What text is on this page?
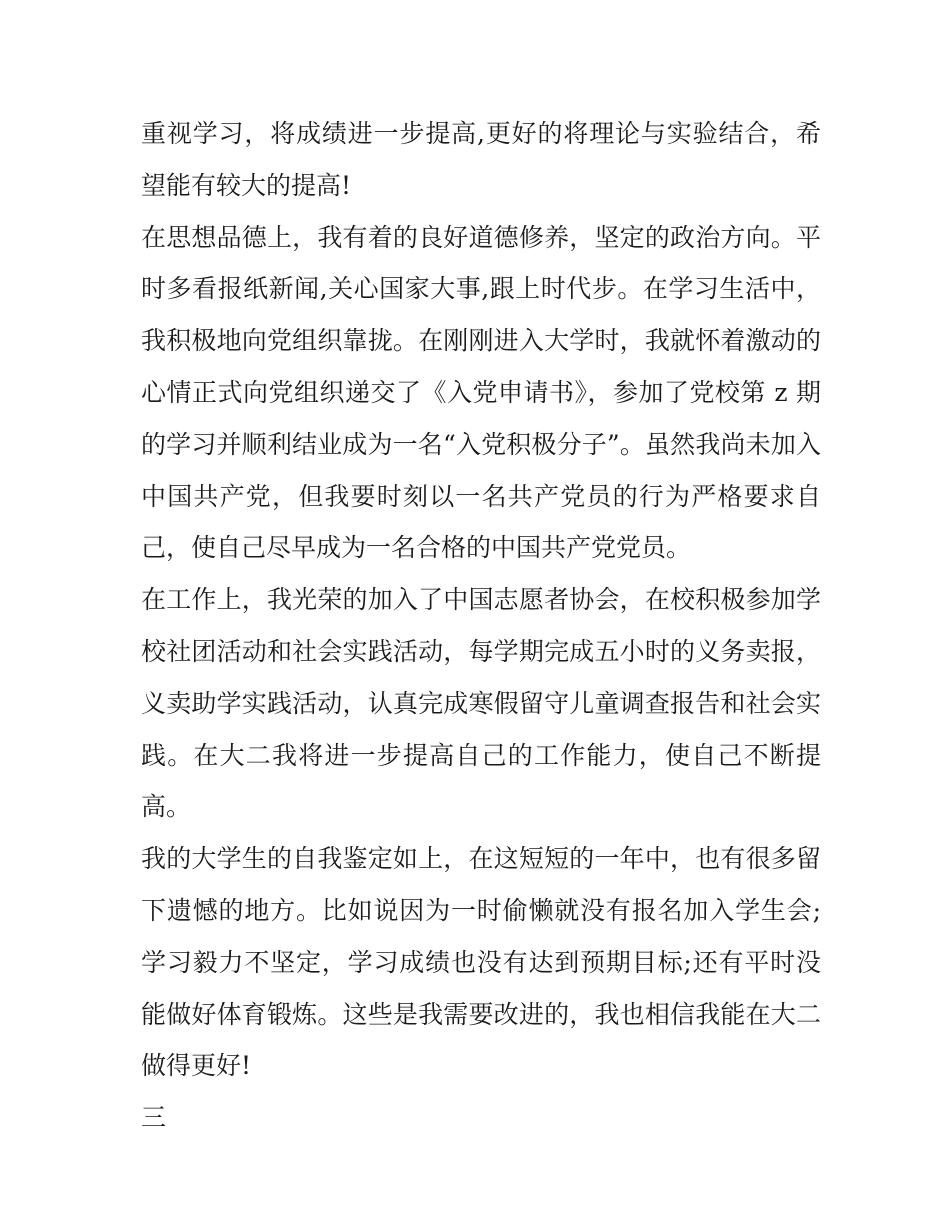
重视学习，将成绩进一步提高,更好的将理论与实验结合，希
望能有较大的提高!
在思想品德上，我有着的良好道德修养，坚定的政治方向。平
时多看报纸新闻,关心国家大事,跟上时代步。在学习生活中，
我积极地向党组织靠拢。在刚刚进入大学时，我就怀着激动的
心情正式向党组织递交了《入党申请书》，参加了党校第 z 期
的学习并顺利结业成为一名“入党积极分子”。虽然我尚未加入
中国共产党，但我要时刻以一名共产党员的行为严格要求自
己，使自己尽早成为一名合格的中国共产党党员。
在工作上，我光荣的加入了中国志愿者协会，在校积极参加学
校社团活动和社会实践活动，每学期完成五小时的义务卖报，
义卖助学实践活动，认真完成寒假留守儿童调查报告和社会实
践。在大二我将进一步提高自己的工作能力，使自己不断提
高。
我的大学生的自我鉴定如上，在这短短的一年中，也有很多留
下遗憾的地方。比如说因为一时偷懒就没有报名加入学生会;
学习毅力不坚定，学习成绩也没有达到预期目标;还有平时没
能做好体育锻炼。这些是我需要改进的，我也相信我能在大二
做得更好!
三
